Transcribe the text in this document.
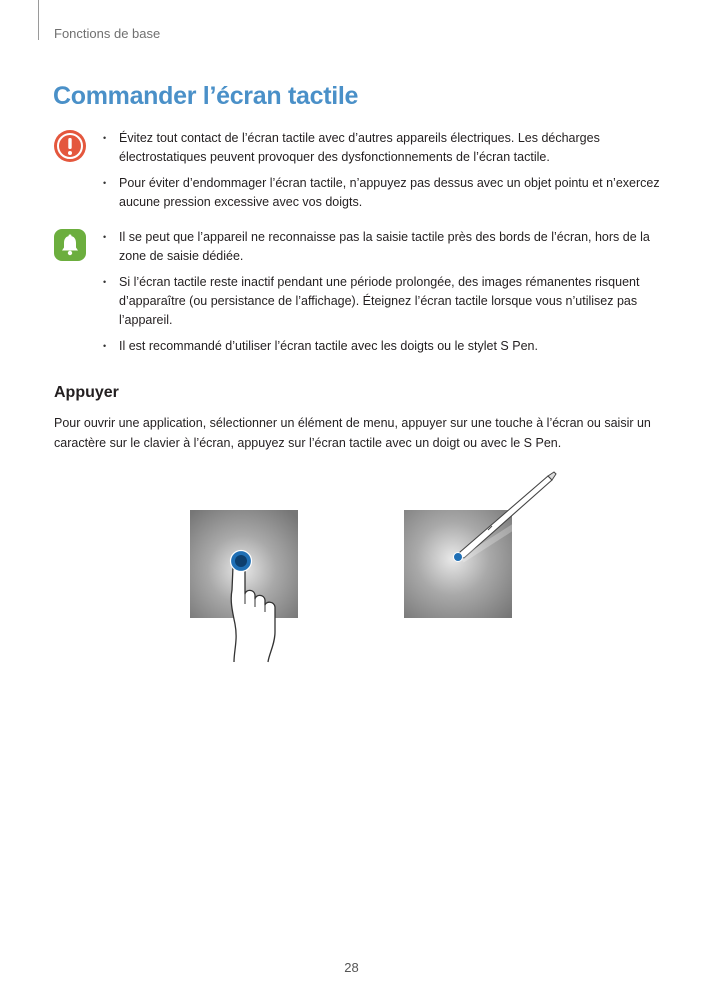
Fonctions de base
Commander l’écran tactile
• Évitez tout contact de l’écran tactile avec d’autres appareils électriques. Les décharges électrostatiques peuvent provoquer des dysfonctionnements de l’écran tactile.
• Pour éviter d’endommager l’écran tactile, n’appuyez pas dessus avec un objet pointu et n’exercez aucune pression excessive avec vos doigts.
• Il se peut que l’appareil ne reconnaisse pas la saisie tactile près des bords de l’écran, hors de la zone de saisie dédiée.
• Si l’écran tactile reste inactif pendant une période prolongée, des images rémanentes risquent d’apparaître (ou persistance de l’affichage). Éteignez l’écran tactile lorsque vous n’utilisez pas l’appareil.
• Il est recommandé d’utiliser l’écran tactile avec les doigts ou le stylet S Pen.
Appuyer

Pour ouvrir une application, sélectionner un élément de menu, appuyer sur une touche à l’écran ou saisir un caractère sur le clavier à l’écran, appuyez sur l’écran tactile avec un doigt ou avec le S Pen.

28
